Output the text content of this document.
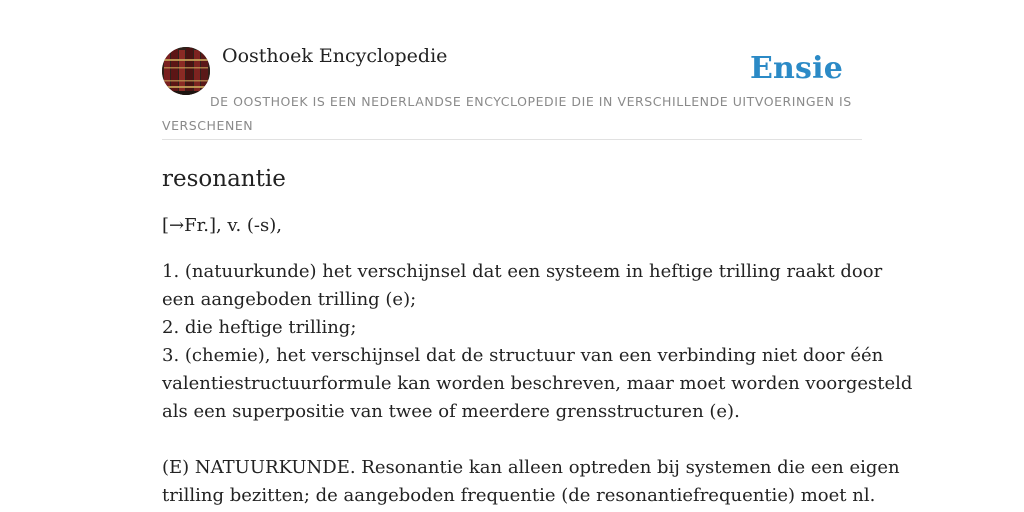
Oosthoek Encyclopedie	Ensie
DE OOSTHOEK IS EEN NEDERLANDSE ENCYCLOPEDIE DIE IN VERSCHILLENDE UITVOERINGEN IS VERSCHENEN
resonantie
[→Fr.], v. (-s),
1. (natuurkunde) het verschijnsel dat een systeem in heftige trilling raakt door
een aangeboden trilling (e);
2. die heftige trilling;
3. (chemie), het verschijnsel dat de structuur van een verbinding niet door één
valentiestructuurformule kan worden beschreven, maar moet worden voorgesteld
als een superpositie van twee of meerdere grensstructuren (e).
(E) NATUURKUNDE. Resonantie kan alleen optreden bij systemen die een eigen
trilling bezitten; de aangeboden frequentie (de resonantiefrequentie) moet nl.
